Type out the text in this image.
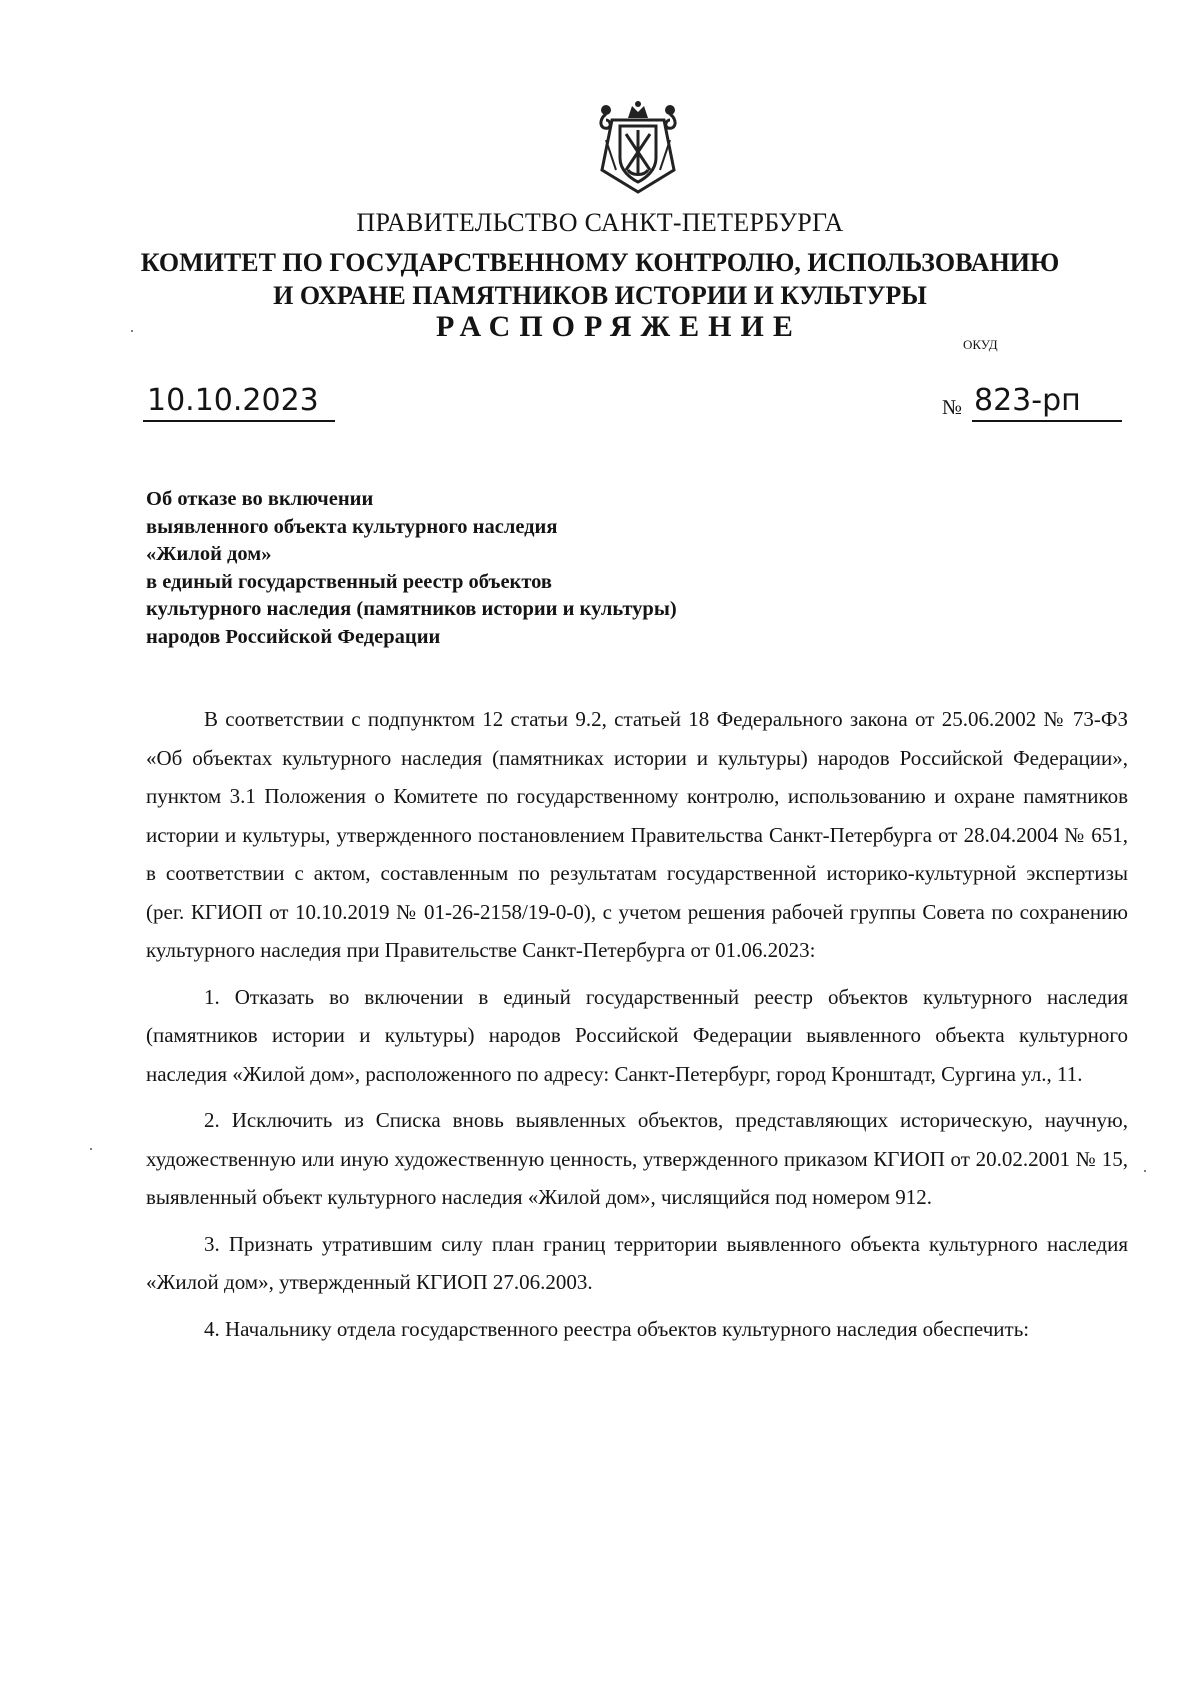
ПРАВИТЕЛЬСТВО САНКТ-ПЕТЕРБУРГА
КОМИТЕТ ПО ГОСУДАРСТВЕННОМУ КОНТРОЛЮ, ИСПОЛЬЗОВАНИЮ
И ОХРАНЕ ПАМЯТНИКОВ ИСТОРИИ И КУЛЬТУРЫ
РАСПОРЯЖЕНИЕ
ОКУД
10.10.2023	№ 823-рп
Об отказе во включении
выявленного объекта культурного наследия
«Жилой дом»
в единый государственный реестр объектов
культурного наследия (памятников истории и культуры)
народов Российской Федерации

В соответствии с подпунктом 12 статьи 9.2, статьей 18 Федерального закона от 25.06.2002 № 73-ФЗ «Об объектах культурного наследия (памятниках истории и культуры) народов Российской Федерации», пунктом 3.1 Положения о Комитете по государственному контролю, использованию и охране памятников истории и культуры, утвержденного постановлением Правительства Санкт-Петербурга от 28.04.2004 № 651, в соответствии с актом, составленным по результатам государственной историко-культурной экспертизы (рег. КГИОП от 10.10.2019 № 01-26-2158/19-0-0), с учетом решения рабочей группы Совета по сохранению культурного наследия при Правительстве Санкт-Петербурга от 01.06.2023:

1. Отказать во включении в единый государственный реестр объектов культурного наследия (памятников истории и культуры) народов Российской Федерации выявленного объекта культурного наследия «Жилой дом», расположенного по адресу: Санкт-Петербург, город Кронштадт, Сургина ул., 11.

2. Исключить из Списка вновь выявленных объектов, представляющих историческую, научную, художественную или иную художественную ценность, утвержденного приказом КГИОП от 20.02.2001 № 15, выявленный объект культурного наследия «Жилой дом», числящийся под номером 912.

3. Признать утратившим силу план границ территории выявленного объекта культурного наследия «Жилой дом», утвержденный КГИОП 27.06.2003.

4. Начальнику отдела государственного реестра объектов культурного наследия обеспечить:
